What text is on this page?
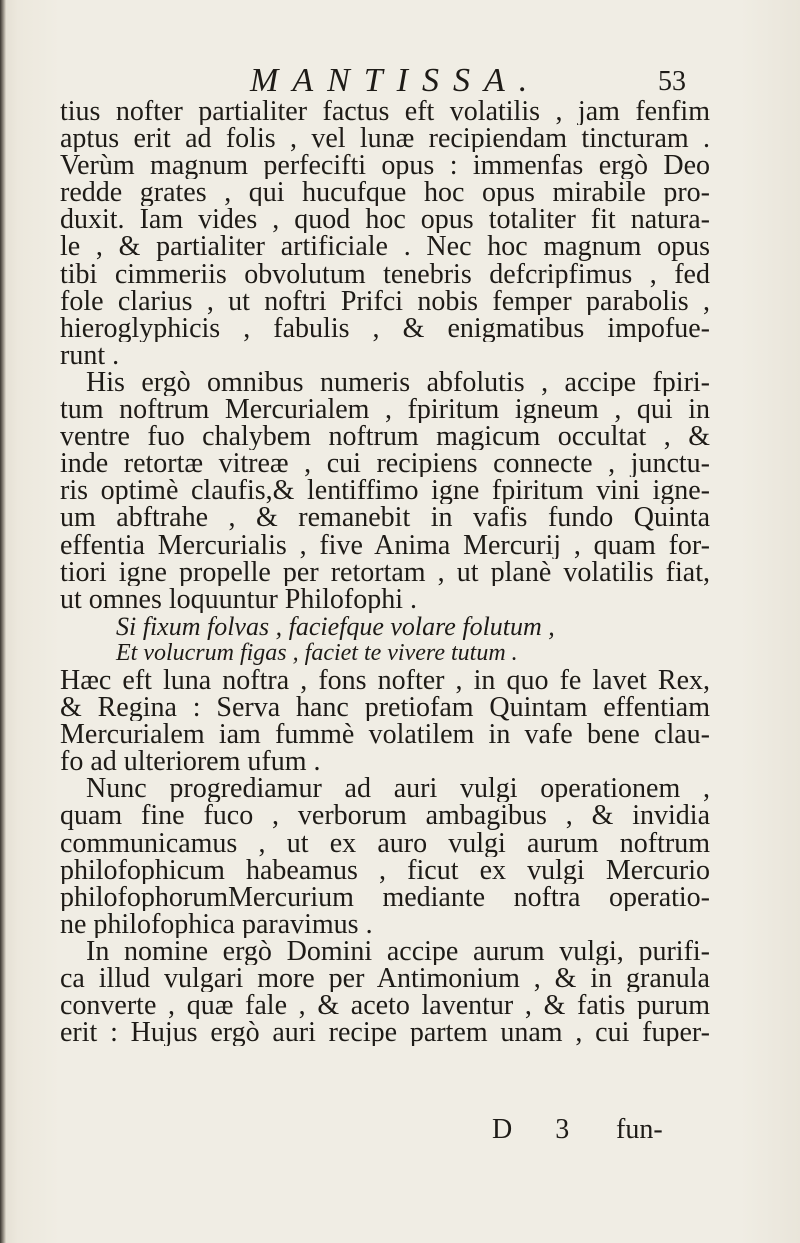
MANTISSA.	53
tius nofter partialiter factus eft volatilis , jam fenfim
aptus erit ad folis , vel lunæ recipiendam tincturam .
Verùm magnum perfecifti opus : immenfas ergò Deo
redde grates , qui hucufque hoc opus mirabile pro-
duxit. Iam vides , quod hoc opus totaliter fit natura-
le , & partialiter artificiale . Nec hoc magnum opus
tibi cimmeriis obvolutum tenebris defcripfimus , fed
fole clarius , ut noftri Prifci nobis femper parabolis ,
hieroglyphicis , fabulis , & enigmatibus impofue-
runt .
His ergò omnibus numeris abfolutis , accipe fpiri-
tum noftrum Mercurialem , fpiritum igneum , qui in
ventre fuo chalybem noftrum magicum occultat , &
inde retortæ vitreæ , cui recipiens connecte , junctu-
ris optimè claufis,& lentiffimo igne fpiritum vini igne-
um abftrahe , & remanebit in vafis fundo Quinta
effentia Mercurialis , five Anima Mercurij , quam for-
tiori igne propelle per retortam , ut planè volatilis fiat,
ut omnes loquuntur Philofophi .
Si fixum folvas , faciefque volare folutum ,
Et volucrum figas , faciet te vivere tutum .
Hæc eft luna noftra , fons nofter , in quo fe lavet Rex,
& Regina : Serva hanc pretiofam Quintam effentiam
Mercurialem iam fummè volatilem in vafe bene clau-
fo ad ulteriorem ufum .
Nunc progrediamur ad auri vulgi operationem ,
quam fine fuco , verborum ambagibus , & invidia
communicamus , ut ex auro vulgi aurum noftrum
philofophicum habeamus , ficut ex vulgi Mercurio
philofophorumMercurium mediante noftra operatio-
ne philofophica paravimus .
In nomine ergò Domini accipe aurum vulgi, purifi-
ca illud vulgari more per Antimonium , & in granula
converte , quæ fale , & aceto laventur , & fatis purum
erit : Hujus ergò auri recipe partem unam , cui fuper-
D 3 fun-
